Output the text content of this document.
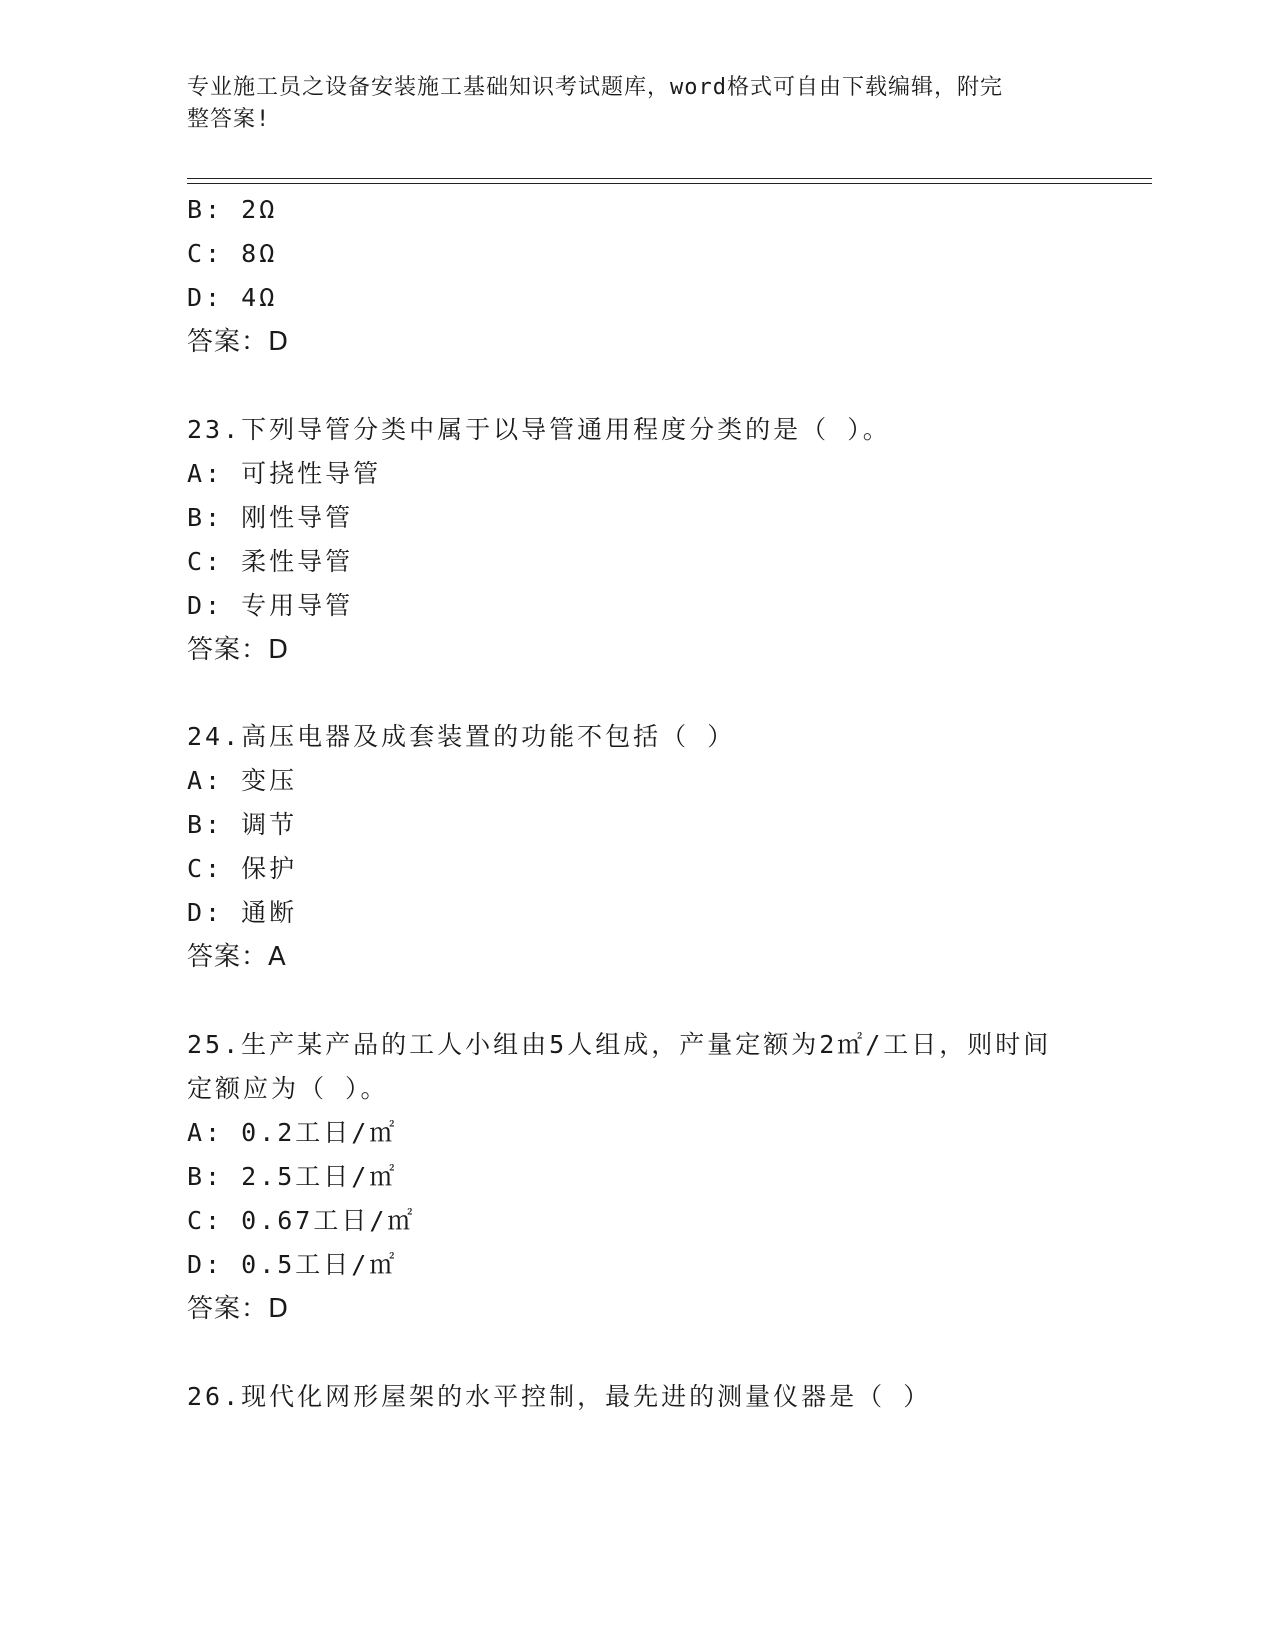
专业施工员之设备安装施工基础知识考试题库，word格式可自由下载编辑，附完
整答案!
B: 2Ω
C: 8Ω
D: 4Ω
答案：D
23.下列导管分类中属于以导管通用程度分类的是（ ）。
A: 可挠性导管
B: 刚性导管
C: 柔性导管
D: 专用导管
答案：D
24.高压电器及成套装置的功能不包括（ ）
A: 变压
B: 调节
C: 保护
D: 通断
答案：A
25.生产某产品的工人小组由5人组成，产量定额为2㎡/工日，则时间
定额应为（ ）。
A: 0.2工日/㎡
B: 2.5工日/㎡
C: 0.67工日/㎡
D: 0.5工日/㎡
答案：D
26.现代化网形屋架的水平控制，最先进的测量仪器是（ ）
